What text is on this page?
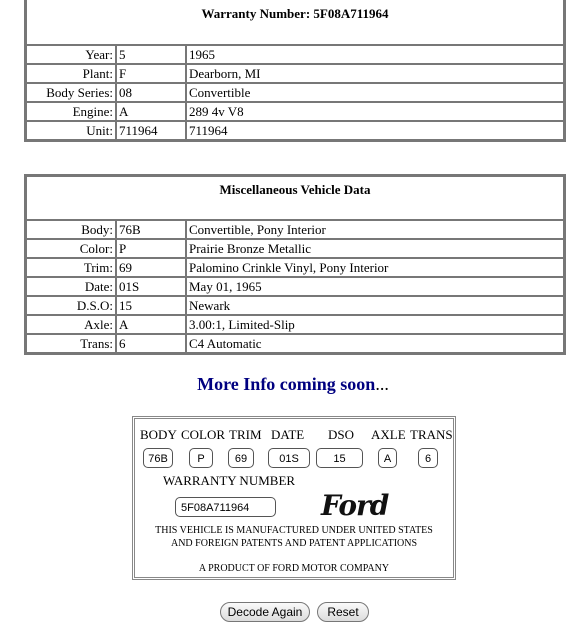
Warranty Number: 5F08A711964		
Year:	5	1965
Plant:	F	Dearborn, MI
Body Series:	08	Convertible
Engine:	A	289 4v V8
Unit:	711964	711964
Miscellaneous Vehicle Data		
Body:	76B	Convertible, Pony Interior
Color:	P	Prairie Bronze Metallic
Trim:	69	Palomino Crinkle Vinyl, Pony Interior
Date:	01S	May 01, 1965
D.S.O:	15	Newark
Axle:	A	3.00:1, Limited-Slip
Trans:	6	C4 Automatic
More Info coming soon...
BODY COLOR TRIM DATE DSO AXLE TRANS
76B	P	69	01S	15	A	6
WARRANTY NUMBER
5F08A711964	Ford
THIS VEHICLE IS MANUFACTURED UNDER UNITED STATES
AND FOREIGN PATENTS AND PATENT APPLICATIONS
A PRODUCT OF FORD MOTOR COMPANY
Decode Again	Reset
